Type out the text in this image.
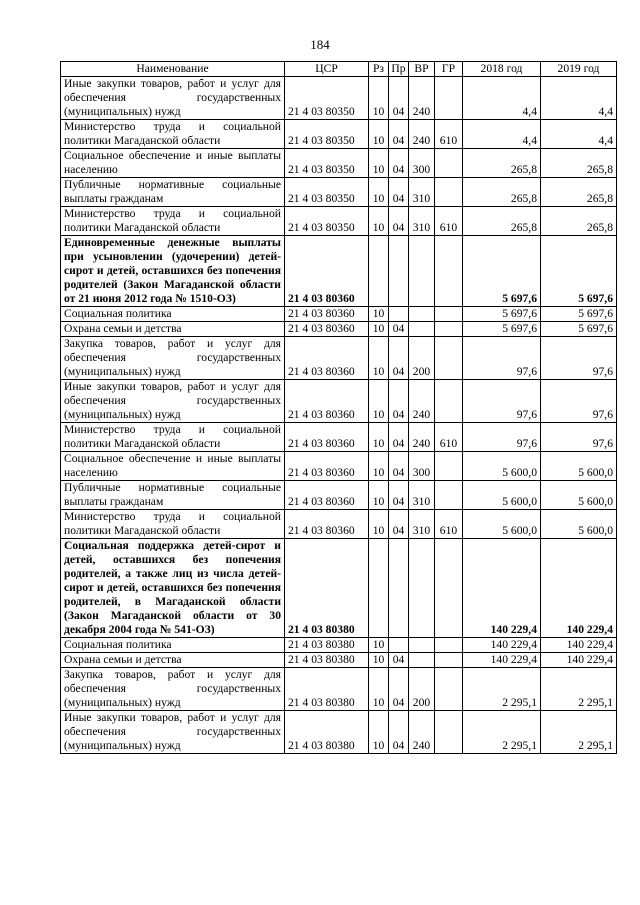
184
Наименование	ЦСР	Рз	Пр	ВР	ГР	2018 год	2019 год
Иные закупки товаров, работ и услуг для обеспечения государственных (муниципальных) нужд	21 4 03 80350	10	04	240		4,4	4,4
Министерство труда и социальной политики Магаданской области	21 4 03 80350	10	04	240	610	4,4	4,4
Социальное обеспечение и иные выплаты населению	21 4 03 80350	10	04	300		265,8	265,8
Публичные нормативные социальные выплаты гражданам	21 4 03 80350	10	04	310		265,8	265,8
Министерство труда и социальной политики Магаданской области	21 4 03 80350	10	04	310	610	265,8	265,8
Единовременные денежные выплаты при усыновлении (удочерении) детей-сирот и детей, оставшихся без попечения родителей (Закон Магаданской области от 21 июня 2012 года № 1510-ОЗ)	21 4 03 80360					5 697,6	5 697,6
Социальная политика	21 4 03 80360	10				5 697,6	5 697,6
Охрана семьи и детства	21 4 03 80360	10	04			5 697,6	5 697,6
Закупка товаров, работ и услуг для обеспечения государственных (муниципальных) нужд	21 4 03 80360	10	04	200		97,6	97,6
Иные закупки товаров, работ и услуг для обеспечения государственных (муниципальных) нужд	21 4 03 80360	10	04	240		97,6	97,6
Министерство труда и социальной политики Магаданской области	21 4 03 80360	10	04	240	610	97,6	97,6
Социальное обеспечение и иные выплаты населению	21 4 03 80360	10	04	300		5 600,0	5 600,0
Публичные нормативные социальные выплаты гражданам	21 4 03 80360	10	04	310		5 600,0	5 600,0
Министерство труда и социальной политики Магаданской области	21 4 03 80360	10	04	310	610	5 600,0	5 600,0
Социальная поддержка детей-сирот и детей, оставшихся без попечения родителей, а также лиц из числа детей-сирот и детей, оставшихся без попечения родителей, в Магаданской области (Закон Магаданской области от 30 декабря 2004 года № 541-ОЗ)	21 4 03 80380					140 229,4	140 229,4
Социальная политика	21 4 03 80380	10				140 229,4	140 229,4
Охрана семьи и детства	21 4 03 80380	10	04			140 229,4	140 229,4
Закупка товаров, работ и услуг для обеспечения государственных (муниципальных) нужд	21 4 03 80380	10	04	200		2 295,1	2 295,1
Иные закупки товаров, работ и услуг для обеспечения государственных (муниципальных) нужд	21 4 03 80380	10	04	240		2 295,1	2 295,1
